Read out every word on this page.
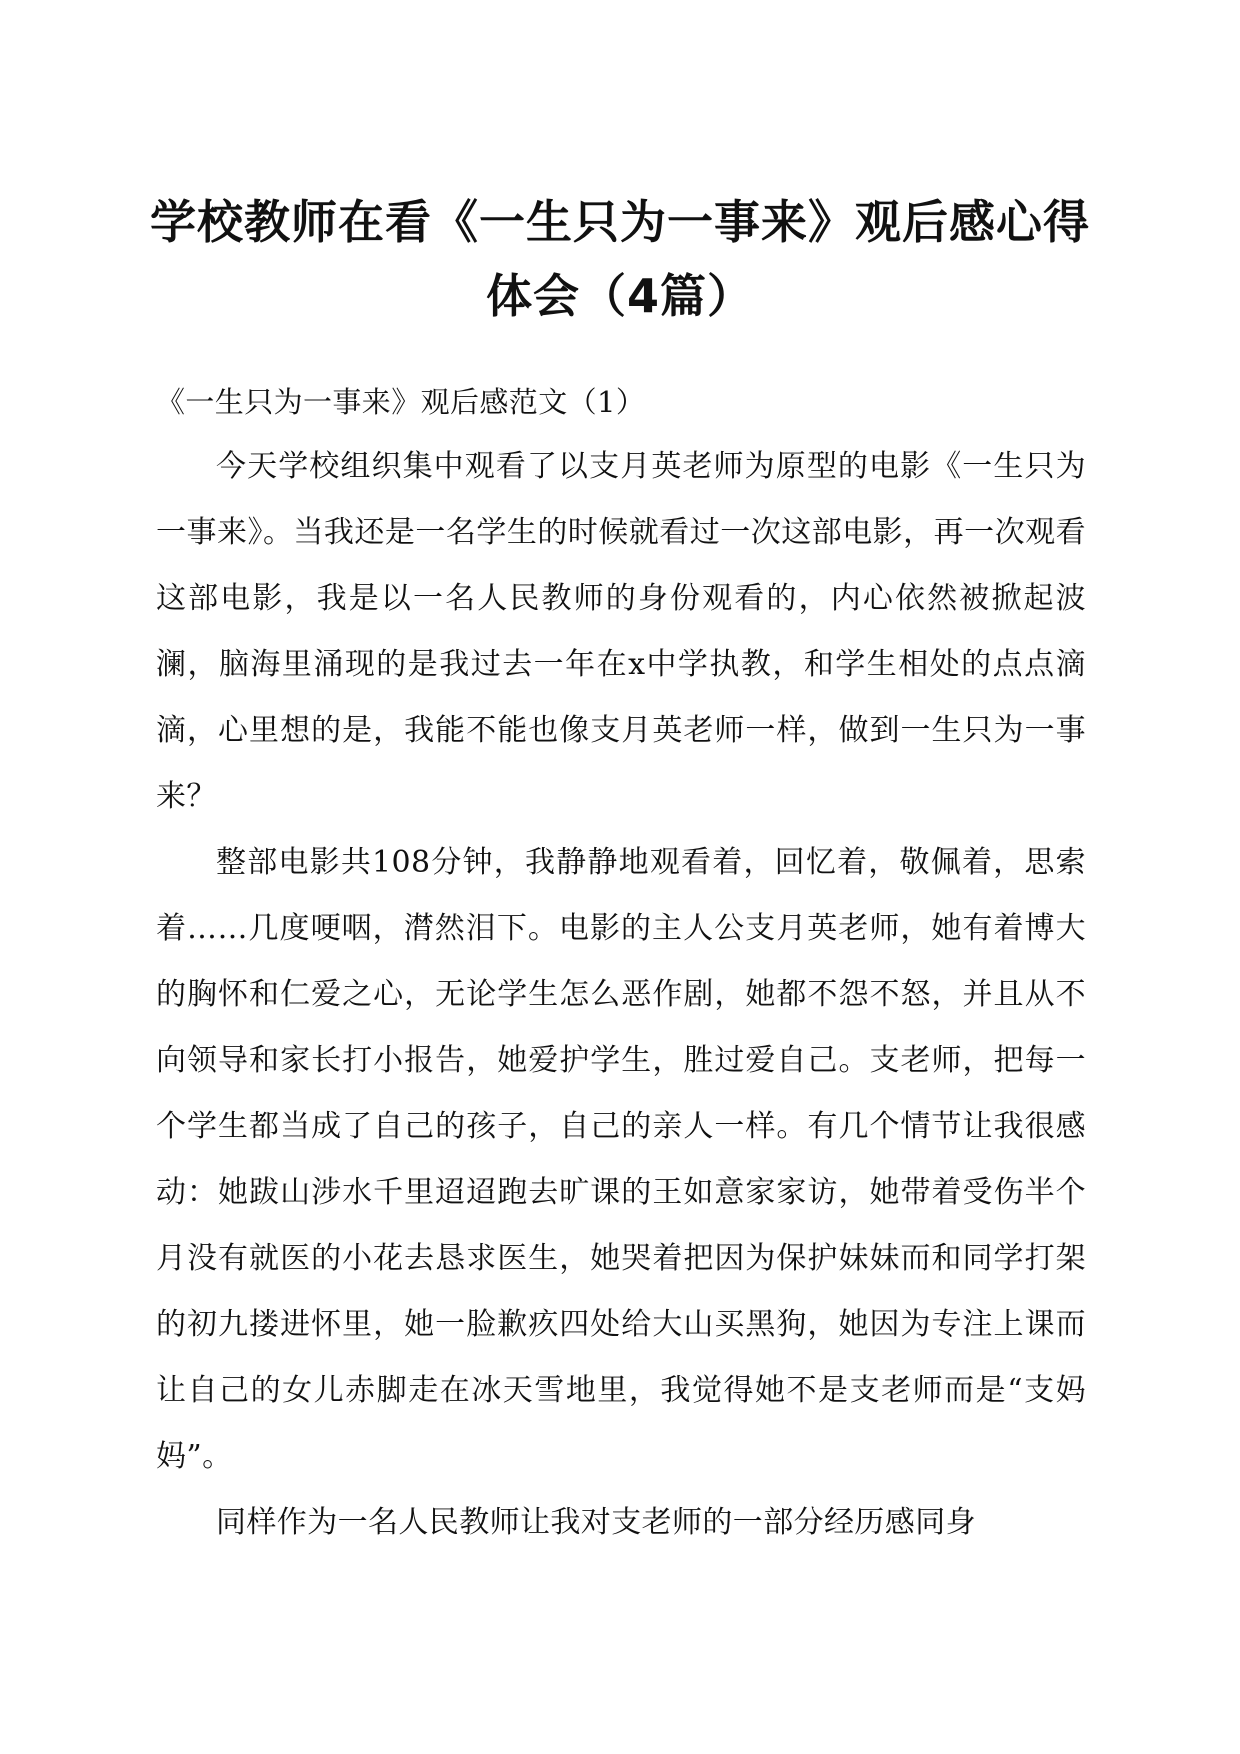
学校教师在看《一生只为一事来》观后感心得
体会（4篇）

《一生只为一事来》观后感范文（1）

今天学校组织集中观看了以支月英老师为原型的电影《一生只为一事来》。当我还是一名学生的时候就看过一次这部电影，再一次观看这部电影，我是以一名人民教师的身份观看的，内心依然被掀起波澜，脑海里涌现的是我过去一年在x中学执教，和学生相处的点点滴滴，心里想的是，我能不能也像支月英老师一样，做到一生只为一事来？

整部电影共108分钟，我静静地观看着，回忆着，敬佩着，思索着……几度哽咽，潸然泪下。电影的主人公支月英老师，她有着博大的胸怀和仁爱之心，无论学生怎么恶作剧，她都不怨不怒，并且从不向领导和家长打小报告，她爱护学生，胜过爱自己。支老师，把每一个学生都当成了自己的孩子，自己的亲人一样。有几个情节让我很感动：她跋山涉水千里迢迢跑去旷课的王如意家家访，她带着受伤半个月没有就医的小花去恳求医生，她哭着把因为保护妹妹而和同学打架的初九搂进怀里，她一脸歉疚四处给大山买黑狗，她因为专注上课而让自己的女儿赤脚走在冰天雪地里，我觉得她不是支老师而是“支妈妈”。

同样作为一名人民教师让我对支老师的一部分经历感同身
